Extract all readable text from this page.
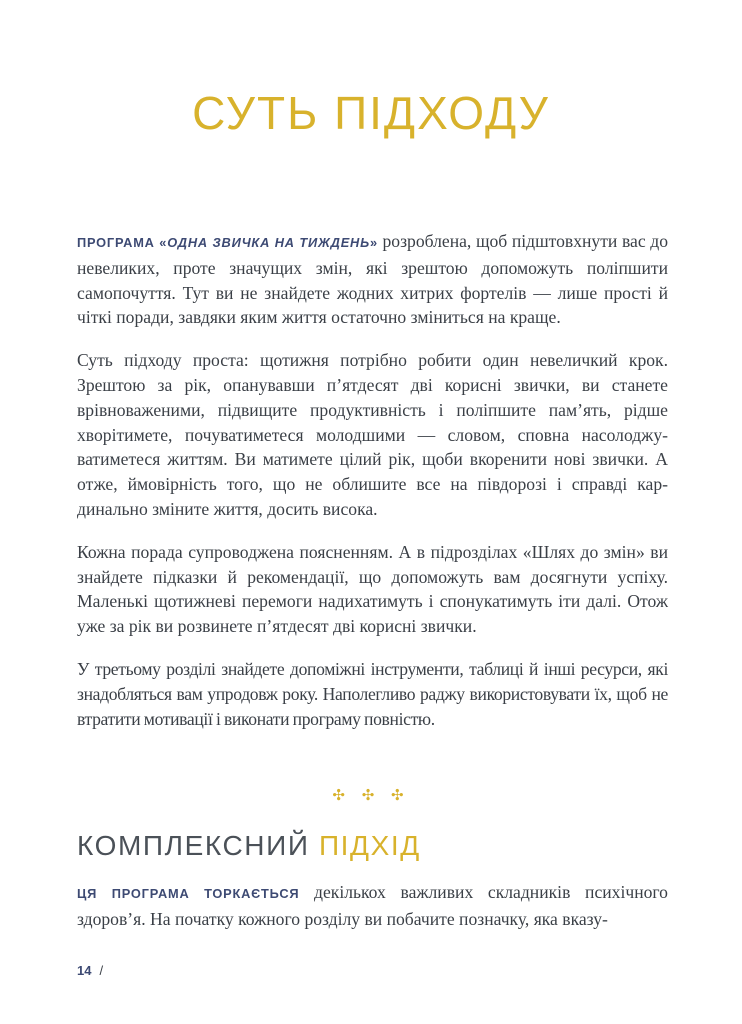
СУТЬ ПІДХОДУ

ПРОГРАМА «ОДНА ЗВИЧКА НА ТИЖДЕНЬ» розроблена, щоб підштовхнути вас до невеликих, проте значущих змін, які зрештою допоможуть поліпшити самопочуття. Тут ви не знайдете жодних хитрих фортелів — лише прості й чіткі поради, завдяки яким життя остаточно зміниться на краще.

Суть підходу проста: щотижня потрібно робити один невеличкий крок. Зрештою за рік, опанувавши п’ятдесят дві корисні звички, ви станете врівноваженими, підвищите продуктивність і поліпшите пам’ять, рідше хворітимете, почуватиметеся молодшими — словом, сповна насолоджуватиметеся життям. Ви матимете цілий рік, щоби вкоренити нові звички. А отже, ймовірність того, що не облишите все на півдорозі і справді кардинально зміните життя, досить висока.

Кожна порада супроводжена поясненням. А в підрозділах «Шлях до змін» ви знайдете підказки й рекомендації, що допоможуть вам досягнути успіху. Маленькі щотижневі перемоги надихатимуть і спонукатимуть іти далі. Отож уже за рік ви розвинете п’ятдесят дві корисні звички.

У третьому розділі знайдете допоміжні інструменти, таблиці й інші ресурси, які знадобляться вам упродовж року. Наполегливо раджу використовувати їх, щоб не втратити мотивації і виконати програму повністю.

✣ ✣ ✣
КОМПЛЕКСНИЙ ПІДХІД

ЦЯ ПРОГРАМА ТОРКАЄТЬСЯ декількох важливих складників психічного здоров’я. На початку кожного розділу ви побачите позначку, яка вказу-

14 /
